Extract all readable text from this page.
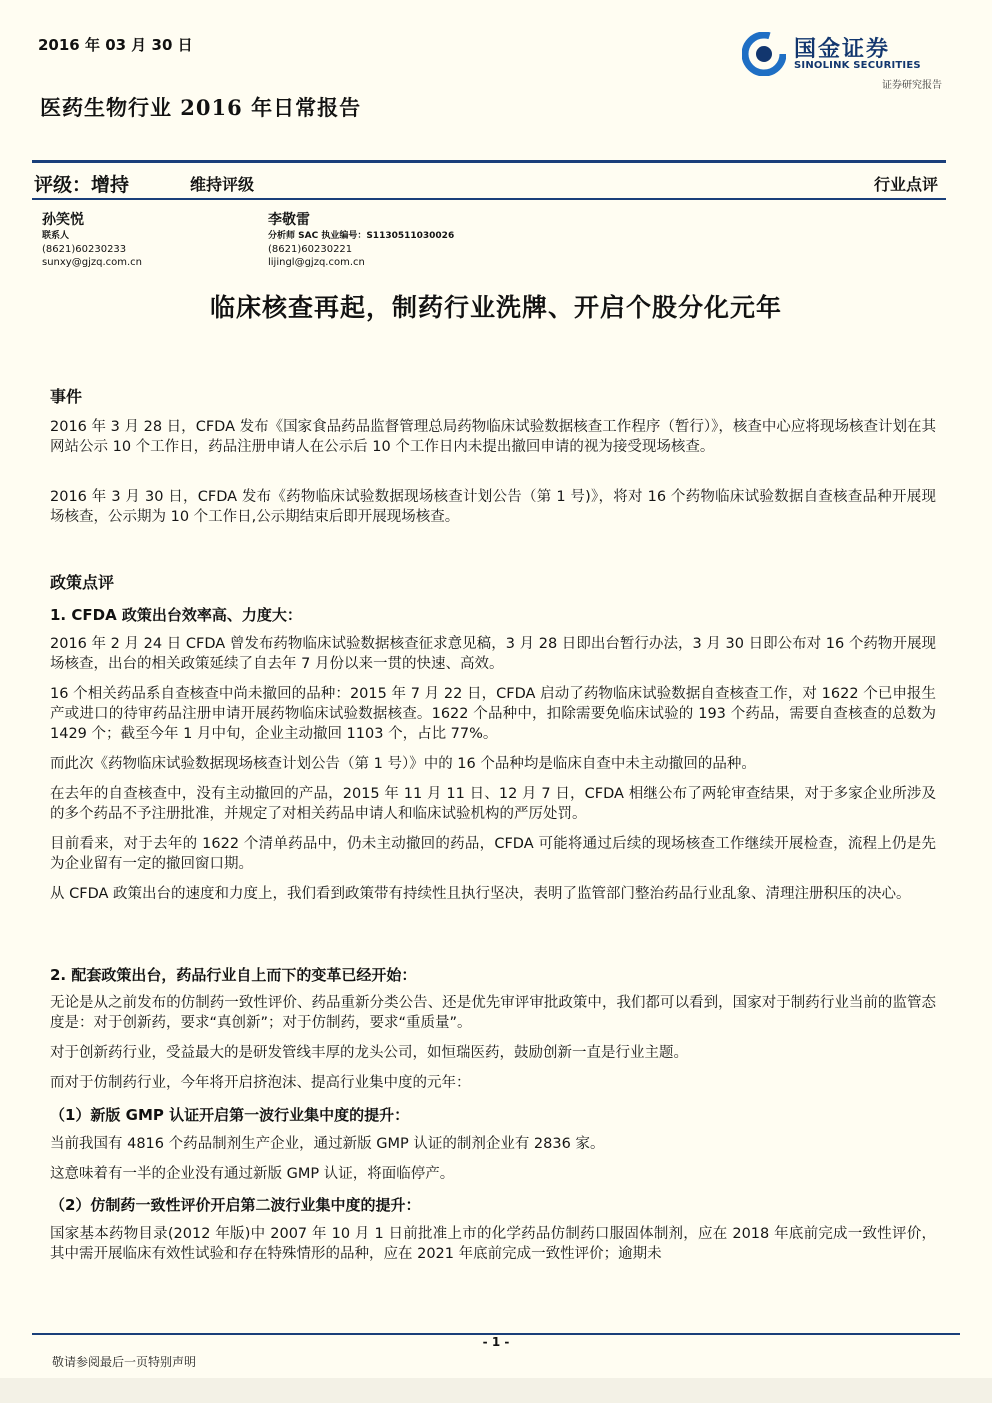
2016 年 03 月 30 日
医药生物行业 2016 年日常报告
国金证券
SINOLINK SECURITIES
证券研究报告
评级：增持	维持评级	行业点评
孙笑悦
联系人
(8621)60230233
sunxy@gjzq.com.cn
李敬雷
分析师 SAC 执业编号：S1130511030026
(8621)60230221
lijingl@gjzq.com.cn
临床核查再起，制药行业洗牌、开启个股分化元年
事件
2016 年 3 月 28 日，CFDA 发布《国家食品药品监督管理总局药物临床试验数据核查工作程序（暂行）》，核查中心应将现场核查计划在其网站公示 10 个工作日，药品注册申请人在公示后 10 个工作日内未提出撤回申请的视为接受现场核查。
2016 年 3 月 30 日，CFDA 发布《药物临床试验数据现场核查计划公告（第 1 号)》，将对 16 个药物临床试验数据自查核查品种开展现场核查，公示期为 10 个工作日,公示期结束后即开展现场核查。
政策点评
1. CFDA 政策出台效率高、力度大：
2016 年 2 月 24 日 CFDA 曾发布药物临床试验数据核查征求意见稿，3 月 28 日即出台暂行办法，3 月 30 日即公布对 16 个药物开展现场核查，出台的相关政策延续了自去年 7 月份以来一贯的快速、高效。
16 个相关药品系自查核查中尚未撤回的品种：2015 年 7 月 22 日，CFDA 启动了药物临床试验数据自查核查工作，对 1622 个已申报生产或进口的待审药品注册申请开展药物临床试验数据核查。1622 个品种中，扣除需要免临床试验的 193 个药品，需要自查核查的总数为 1429 个；截至今年 1 月中旬，企业主动撤回 1103 个，占比 77%。
而此次《药物临床试验数据现场核查计划公告（第 1 号）》中的 16 个品种均是临床自查中未主动撤回的品种。
在去年的自查核查中，没有主动撤回的产品，2015 年 11 月 11 日、12 月 7 日，CFDA 相继公布了两轮审查结果，对于多家企业所涉及的多个药品不予注册批准，并规定了对相关药品申请人和临床试验机构的严厉处罚。
目前看来，对于去年的 1622 个清单药品中，仍未主动撤回的药品，CFDA 可能将通过后续的现场核查工作继续开展检查，流程上仍是先为企业留有一定的撤回窗口期。
从 CFDA 政策出台的速度和力度上，我们看到政策带有持续性且执行坚决，表明了监管部门整治药品行业乱象、清理注册积压的决心。
2. 配套政策出台，药品行业自上而下的变革已经开始：
无论是从之前发布的仿制药一致性评价、药品重新分类公告、还是优先审评审批政策中，我们都可以看到，国家对于制药行业当前的监管态度是：对于创新药，要求“真创新”；对于仿制药，要求“重质量”。
对于创新药行业，受益最大的是研发管线丰厚的龙头公司，如恒瑞医药，鼓励创新一直是行业主题。
而对于仿制药行业，今年将开启挤泡沫、提高行业集中度的元年：
（1）新版 GMP 认证开启第一波行业集中度的提升：
当前我国有 4816 个药品制剂生产企业，通过新版 GMP 认证的制剂企业有 2836 家。
这意味着有一半的企业没有通过新版 GMP 认证，将面临停产。
（2）仿制药一致性评价开启第二波行业集中度的提升：
国家基本药物目录(2012 年版)中 2007 年 10 月 1 日前批准上市的化学药品仿制药口服固体制剂，应在 2018 年底前完成一致性评价，其中需开展临床有效性试验和存在特殊情形的品种，应在 2021 年底前完成一致性评价；逾期未
- 1 -
敬请参阅最后一页特别声明
